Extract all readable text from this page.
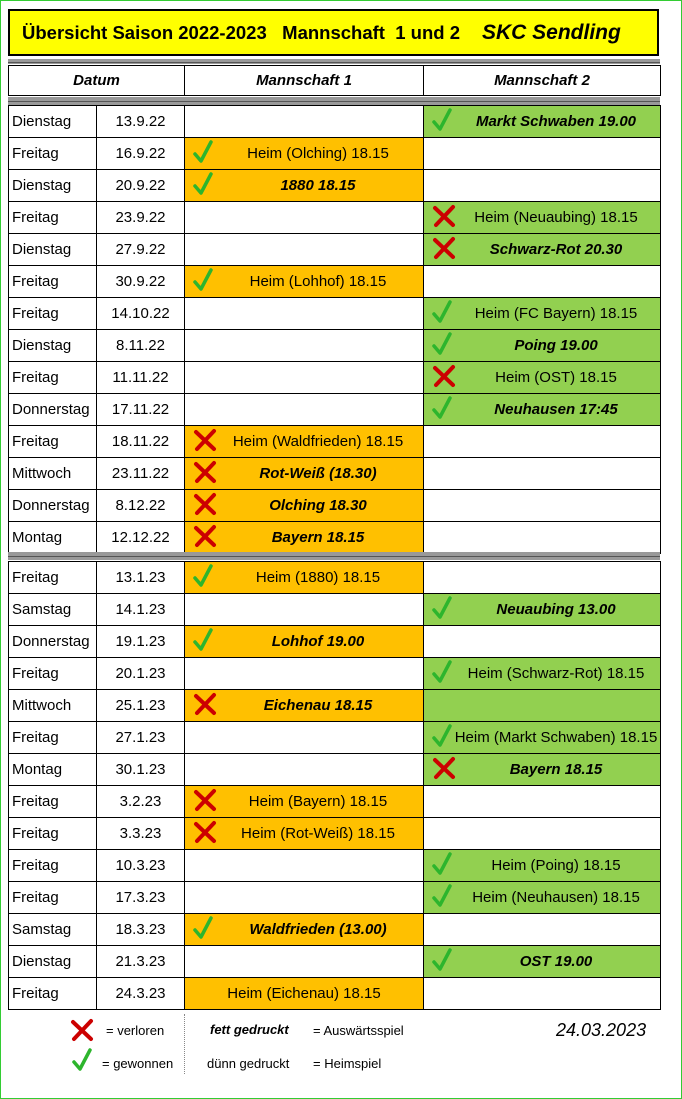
Übersicht Saison 2022-2023   Mannschaft  1 und 2 SKC Sendling
Datum	Mannschaft 1	Mannschaft 2
Dienstag	13.9.22		Markt Schwaben 19.00

Freitag	16.9.22	Heim (Olching) 18.15	

Dienstag	20.9.22	1880 18.15	

Freitag	23.9.22		Heim (Neuaubing) 18.15

Dienstag	27.9.22		Schwarz-Rot 20.30

Freitag	30.9.22	Heim (Lohhof) 18.15	

Freitag	14.10.22		Heim (FC Bayern) 18.15

Dienstag	8.11.22		Poing 19.00

Freitag	11.11.22		Heim (OST) 18.15

Donnerstag	17.11.22		Neuhausen 17:45

Freitag	18.11.22	Heim (Waldfrieden) 18.15	

Mittwoch	23.11.22	Rot-Weiß (18.30)	

Donnerstag	8.12.22	Olching 18.30	

Montag	12.12.22	Bayern 18.15	

Freitag	13.1.23	Heim (1880) 18.15	

Samstag	14.1.23		Neuaubing 13.00

Donnerstag	19.1.23	Lohhof 19.00	

Freitag	20.1.23		Heim (Schwarz-Rot) 18.15

Mittwoch	25.1.23	Eichenau 18.15	

Freitag	27.1.23		Heim (Markt Schwaben) 18.15

Montag	30.1.23		Bayern 18.15

Freitag	3.2.23	Heim (Bayern) 18.15	

Freitag	3.3.23	Heim (Rot-Weiß) 18.15	

Freitag	10.3.23		Heim (Poing) 18.15

Freitag	17.3.23		Heim (Neuhausen) 18.15

Samstag	18.3.23	Waldfrieden (13.00)	

Dienstag	21.3.23		OST 19.00

Freitag	24.3.23	Heim (Eichenau) 18.15	

= verloren
= gewonnen
fett gedruckt = Auswärtsspiel
dünn gedruckt = Heimspiel
24.03.2023
